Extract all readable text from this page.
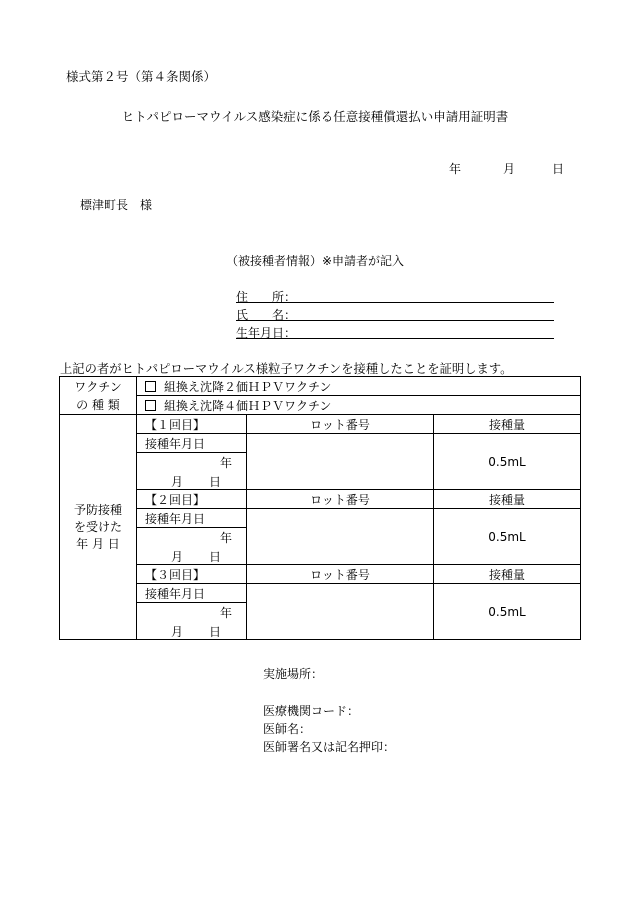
様式第２号（第４条関係）
ヒトパピローマウイルス感染症に係る任意接種償還払い申請用証明書
年	月	日
標津町長　様
（被接種者情報）※申請者が記入
住　　所：
氏　　名：
生年月日：
上記の者がヒトパピローマウイルス様粒子ワクチンを接種したことを証明します。
ワクチン	組換え沈降２価ＨＰＶワクチン		
の 種 類	組換え沈降４価ＨＰＶワクチン		

予防接種
を受けた
年 月 日	【１回目】	ロット番号	接種量
	接種年月日		0.5mL
	年		

	月 日		

	【２回目】	ロット番号	接種量
	接種年月日		0.5mL
	年		

	月 日		

	【３回目】	ロット番号	接種量
	接種年月日		0.5mL
	年		

	月 日		
実施場所：
医療機関コード：
医師名：
医師署名又は記名押印：
